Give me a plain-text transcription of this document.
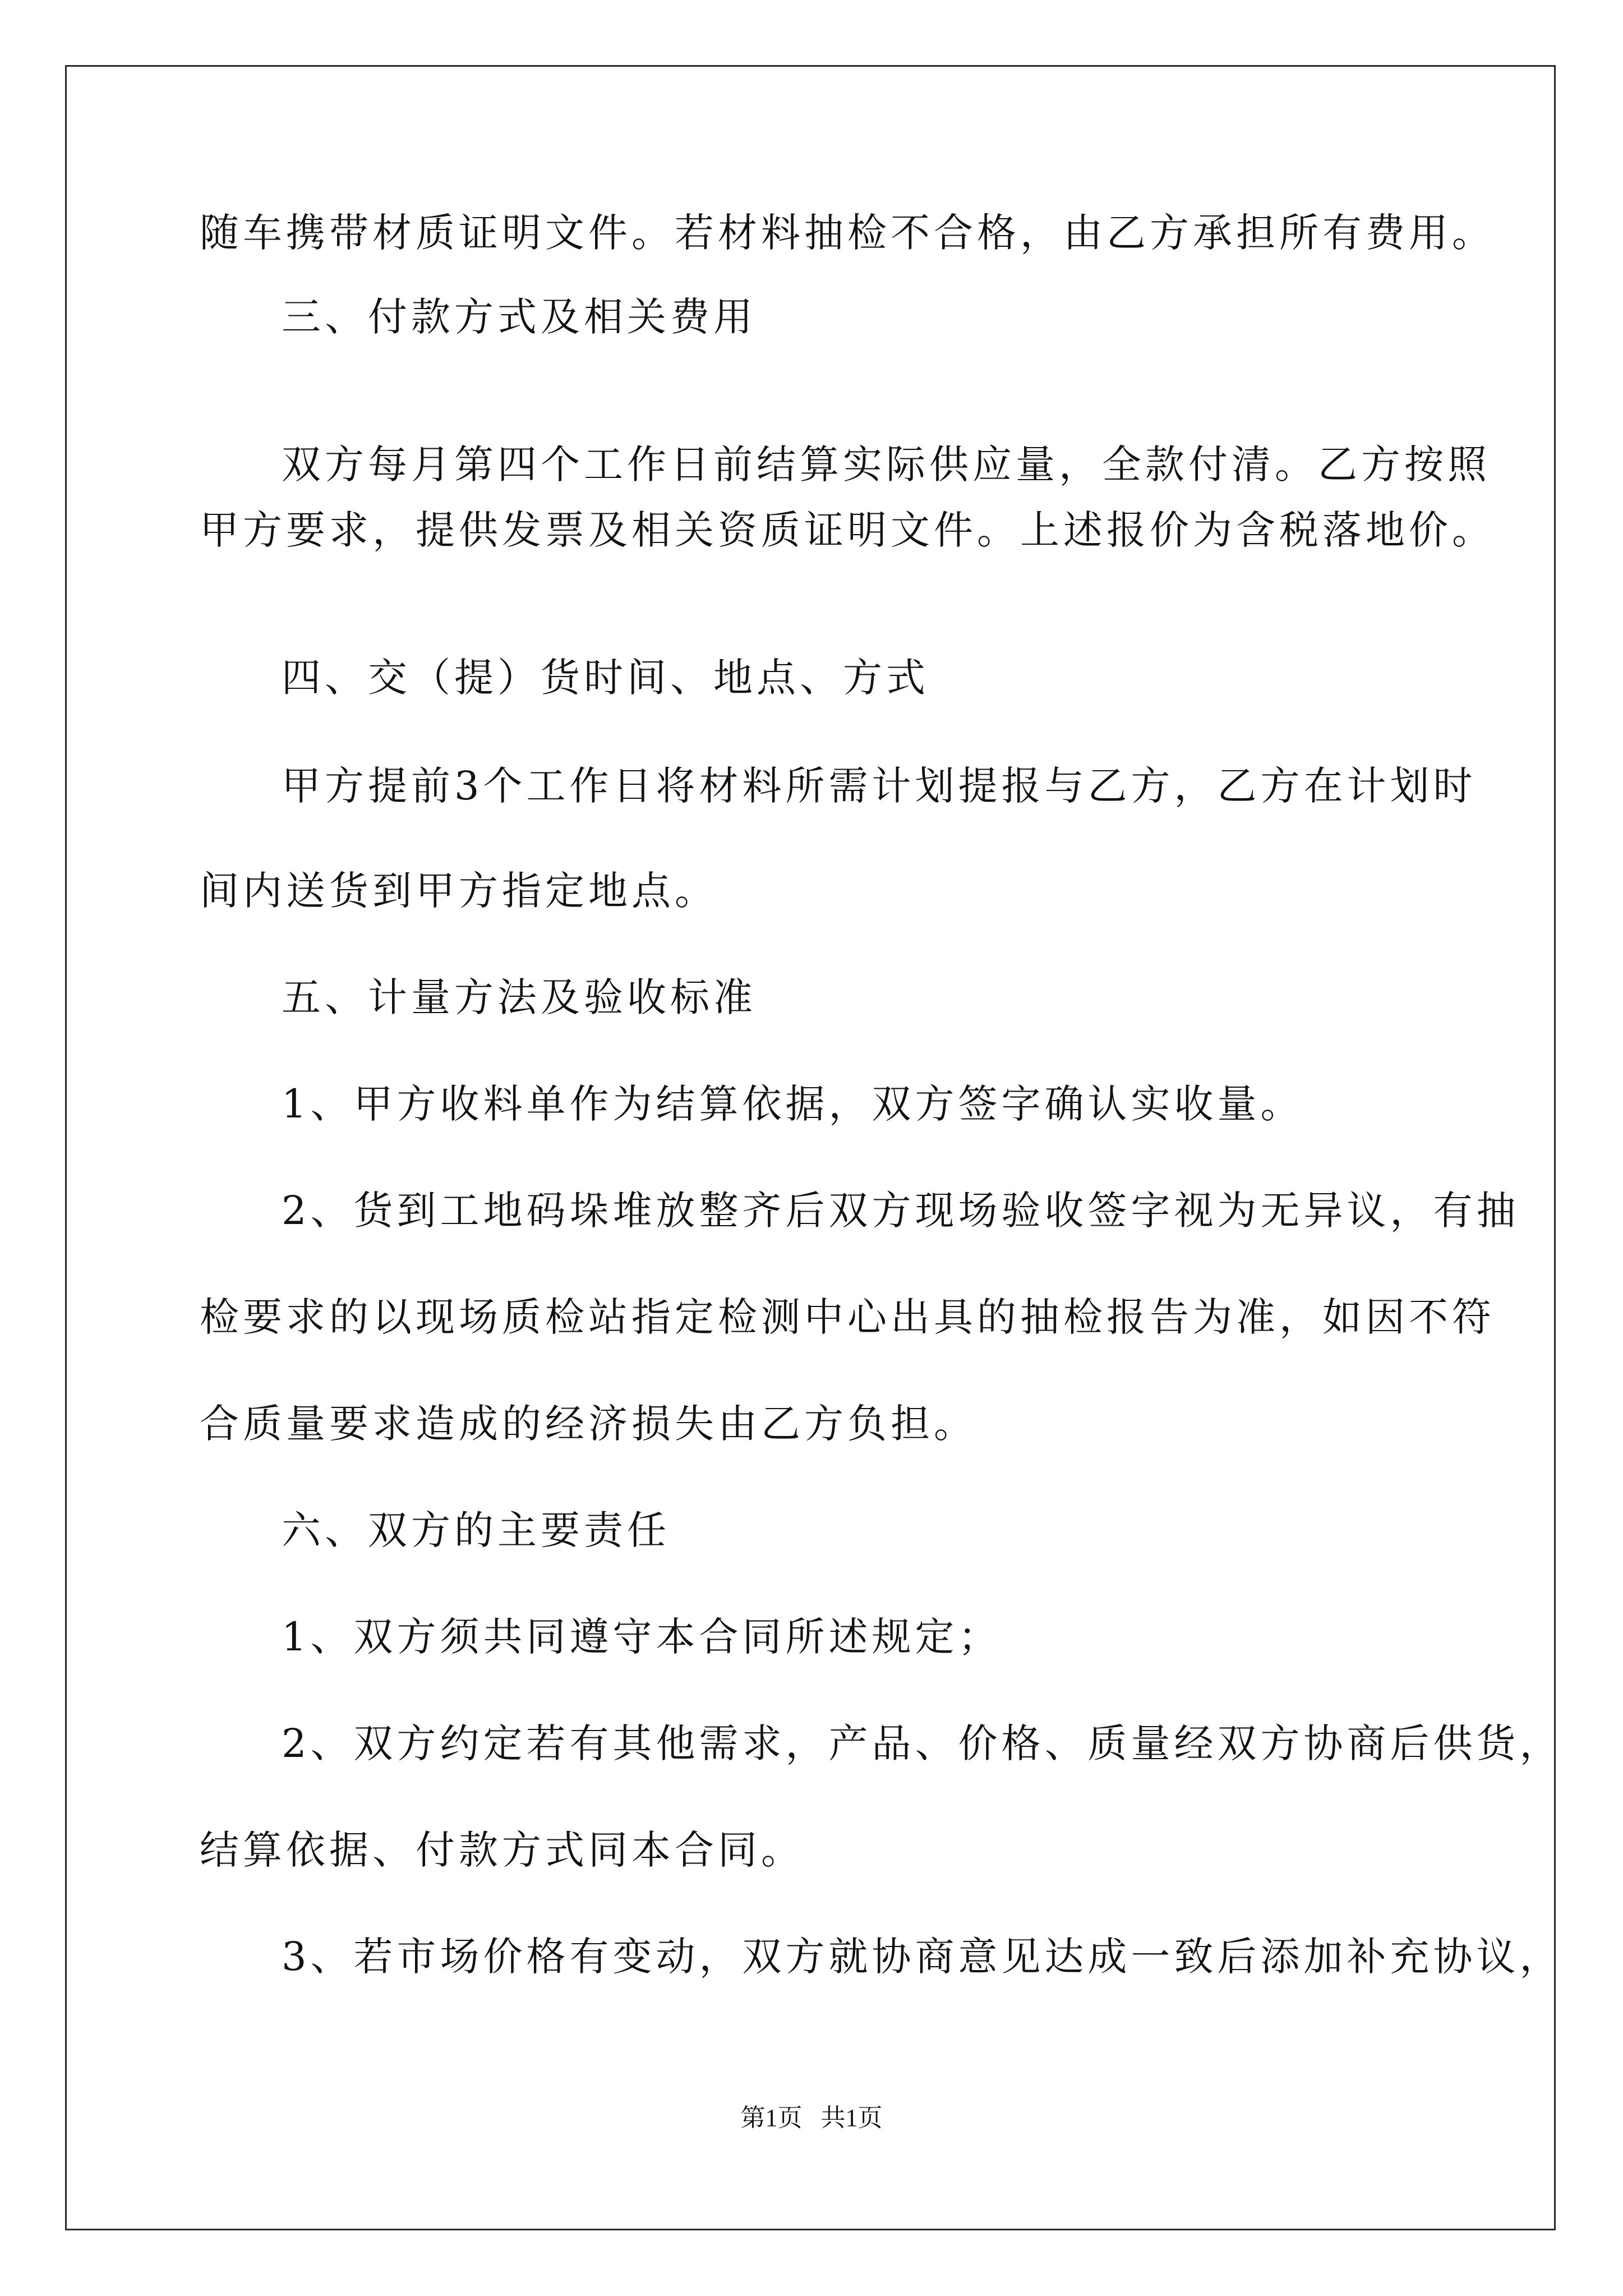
随车携带材质证明文件。若材料抽检不合格，由乙方承担所有费用。
三、付款方式及相关费用
双方每月第四个工作日前结算实际供应量，全款付清。乙方按照
甲方要求，提供发票及相关资质证明文件。上述报价为含税落地价。
四、交（提）货时间、地点、方式
甲方提前3个工作日将材料所需计划提报与乙方，乙方在计划时
间内送货到甲方指定地点。
五、计量方法及验收标准
1、甲方收料单作为结算依据，双方签字确认实收量。
2、货到工地码垛堆放整齐后双方现场验收签字视为无异议，有抽
检要求的以现场质检站指定检测中心出具的抽检报告为准，如因不符
合质量要求造成的经济损失由乙方负担。
六、双方的主要责任
1、双方须共同遵守本合同所述规定；
2、双方约定若有其他需求，产品、价格、质量经双方协商后供货，
结算依据、付款方式同本合同。
3、若市场价格有变动，双方就协商意见达成一致后添加补充协议，
第1页   共1页
